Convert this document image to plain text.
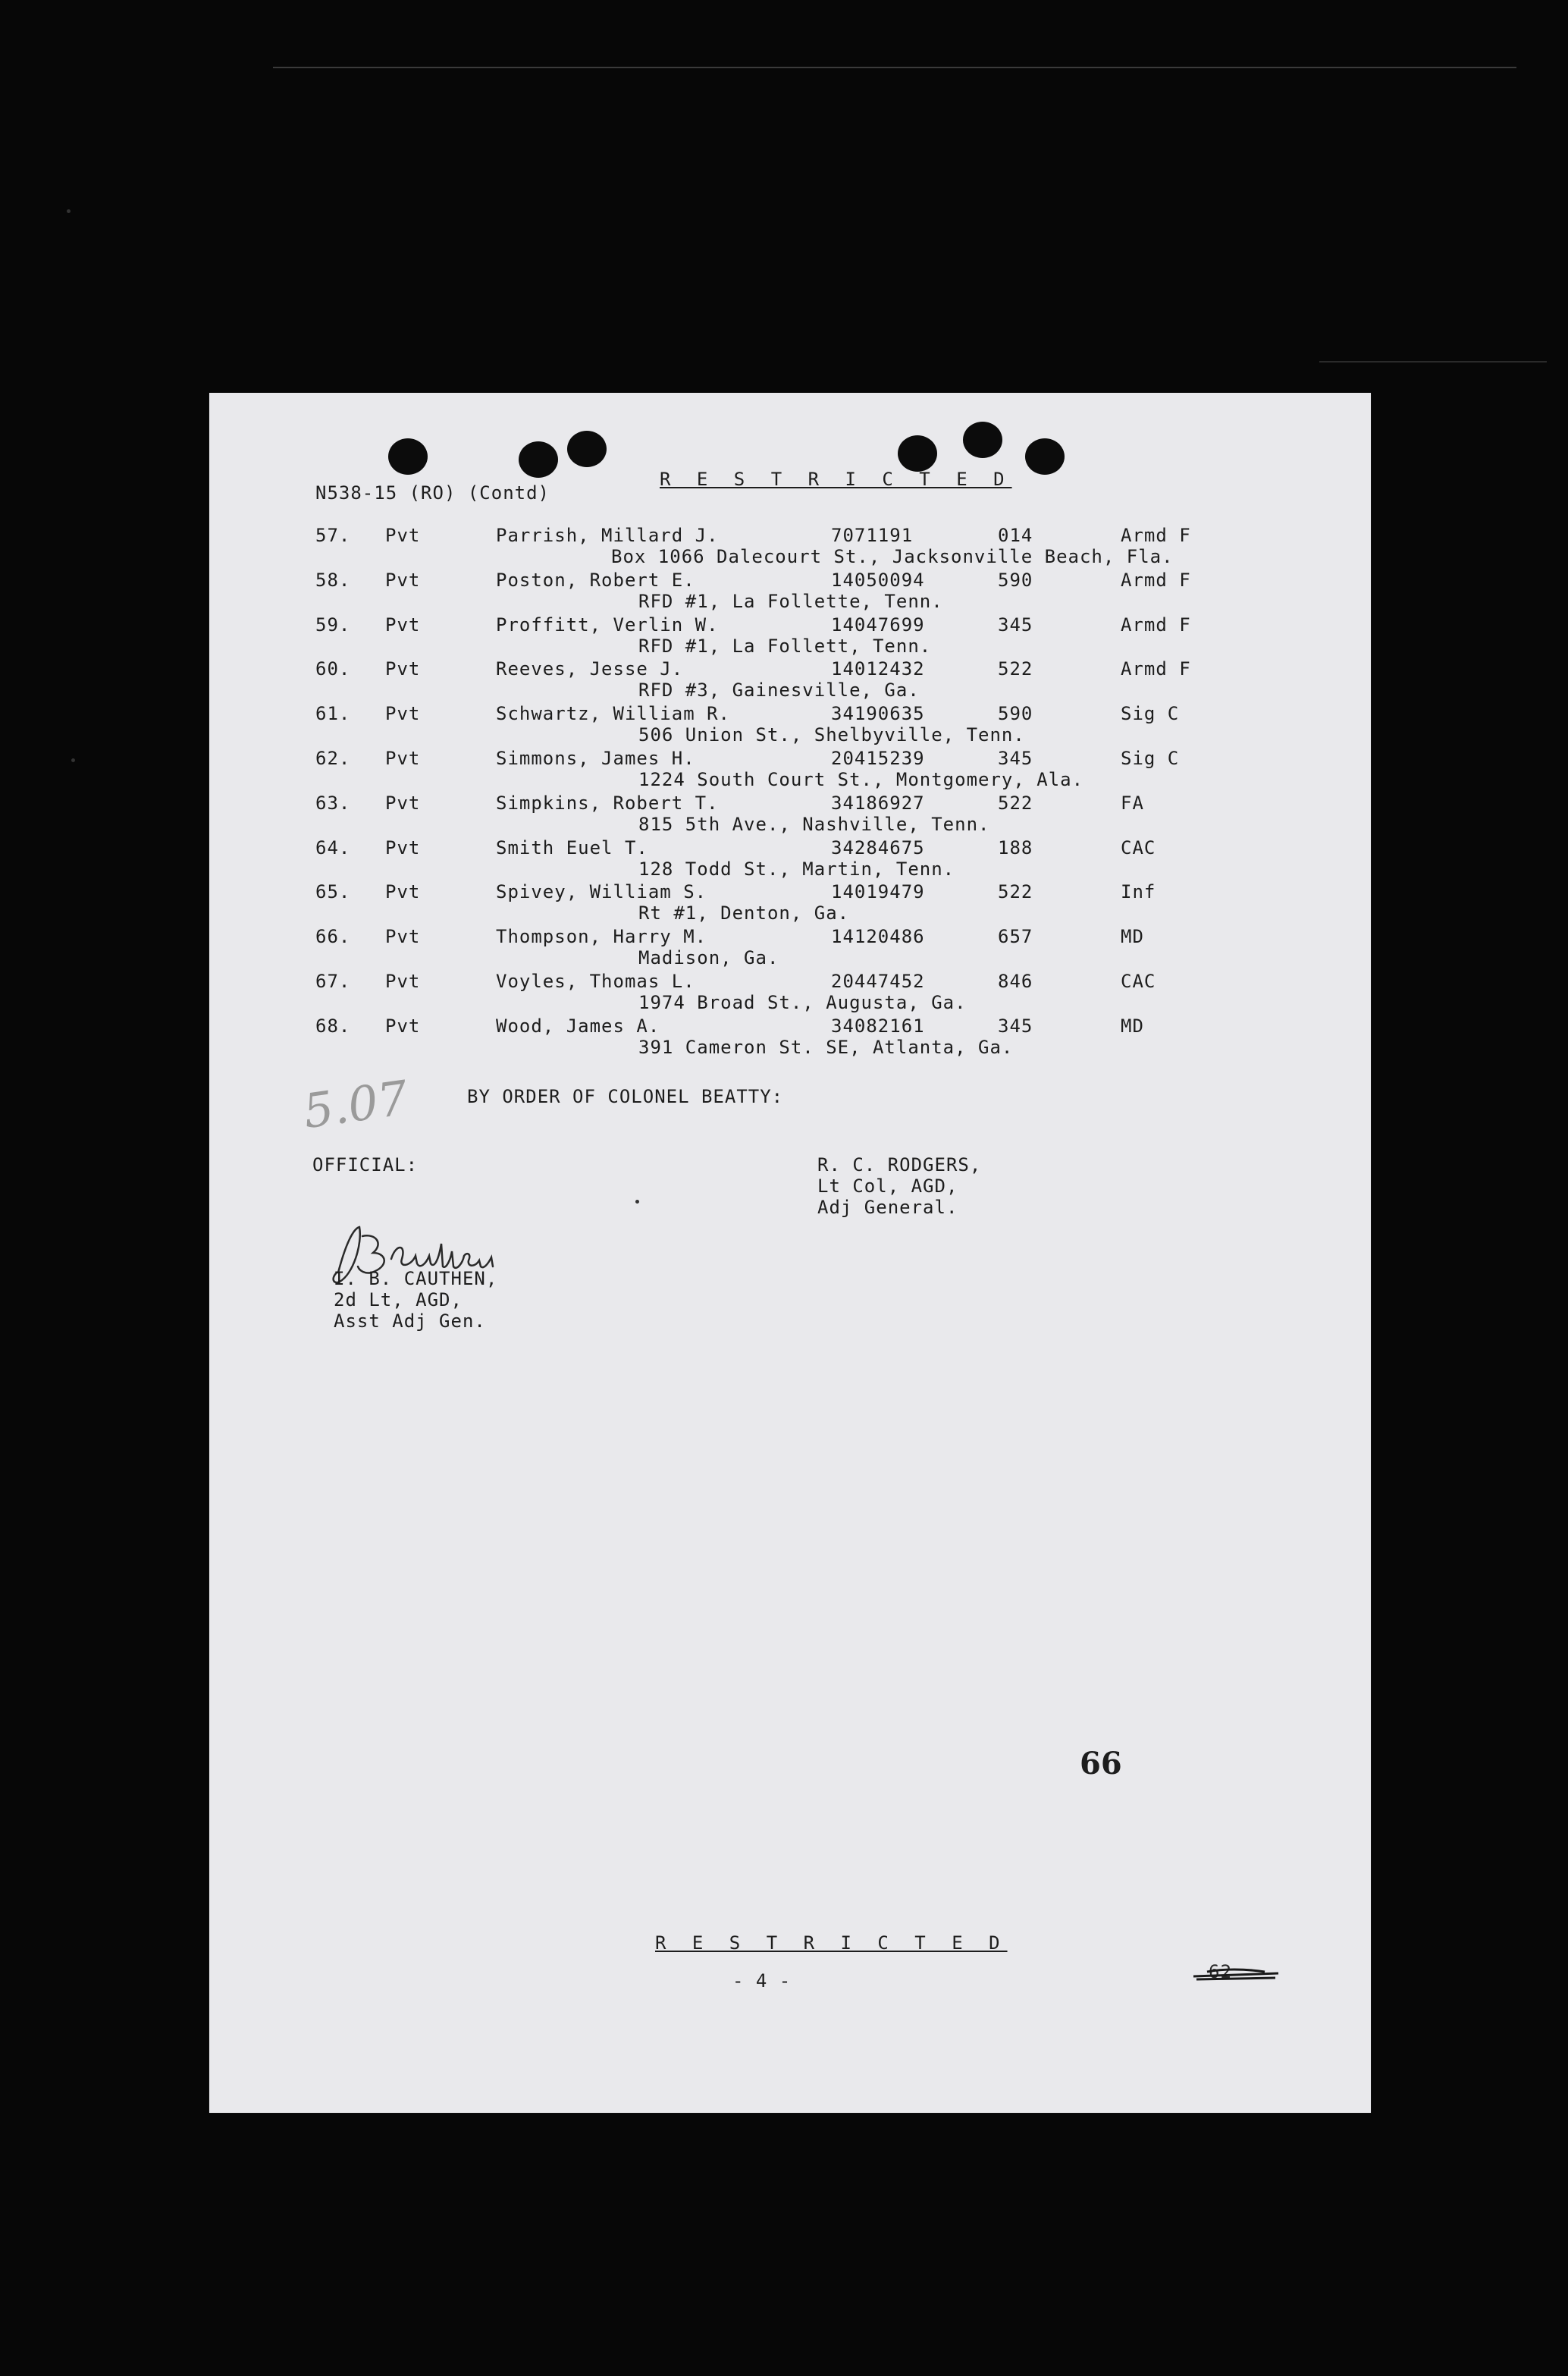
N538-15 (RO) (Contd)
R E S T R I C T E D
57. Pvt	Parrish, Millard J.	7071191	014	Armd F
Box 1066 Dalecourt St., Jacksonville Beach, Fla.
58. Pvt	Poston, Robert E.	14050094	590	Armd F
RFD #1, La Follette, Tenn.
59. Pvt	Proffitt, Verlin W.	14047699	345	Armd F
RFD #1, La Follett, Tenn.
60. Pvt	Reeves, Jesse J.	14012432	522	Armd F
RFD #3, Gainesville, Ga.
61. Pvt	Schwartz, William R.	34190635	590	Sig C
506 Union St., Shelbyville, Tenn.
62. Pvt	Simmons, James H.	20415239	345	Sig C
1224 South Court St., Montgomery, Ala.
63. Pvt	Simpkins, Robert T.	34186927	522	FA
815 5th Ave., Nashville, Tenn.
64. Pvt	Smith Euel T.	34284675	188	CAC
128 Todd St., Martin, Tenn.
65. Pvt	Spivey, William S.	14019479	522	Inf
Rt #1, Denton, Ga.
66. Pvt	Thompson, Harry M.	14120486	657	MD
Madison, Ga.
67. Pvt	Voyles, Thomas L.	20447452	846	CAC
1974 Broad St., Augusta, Ga.
68. Pvt	Wood, James A.	34082161	345	MD
391 Cameron St. SE, Atlanta, Ga.
5.07	BY ORDER OF COLONEL BEATTY:
OFFICIAL:	R. C. RODGERS,
Lt Col, AGD,
Adj General.
I. B. CAUTHEN,
2d Lt, AGD,
Asst Adj Gen.
66
R E S T R I C T E D
- 4 -	62
